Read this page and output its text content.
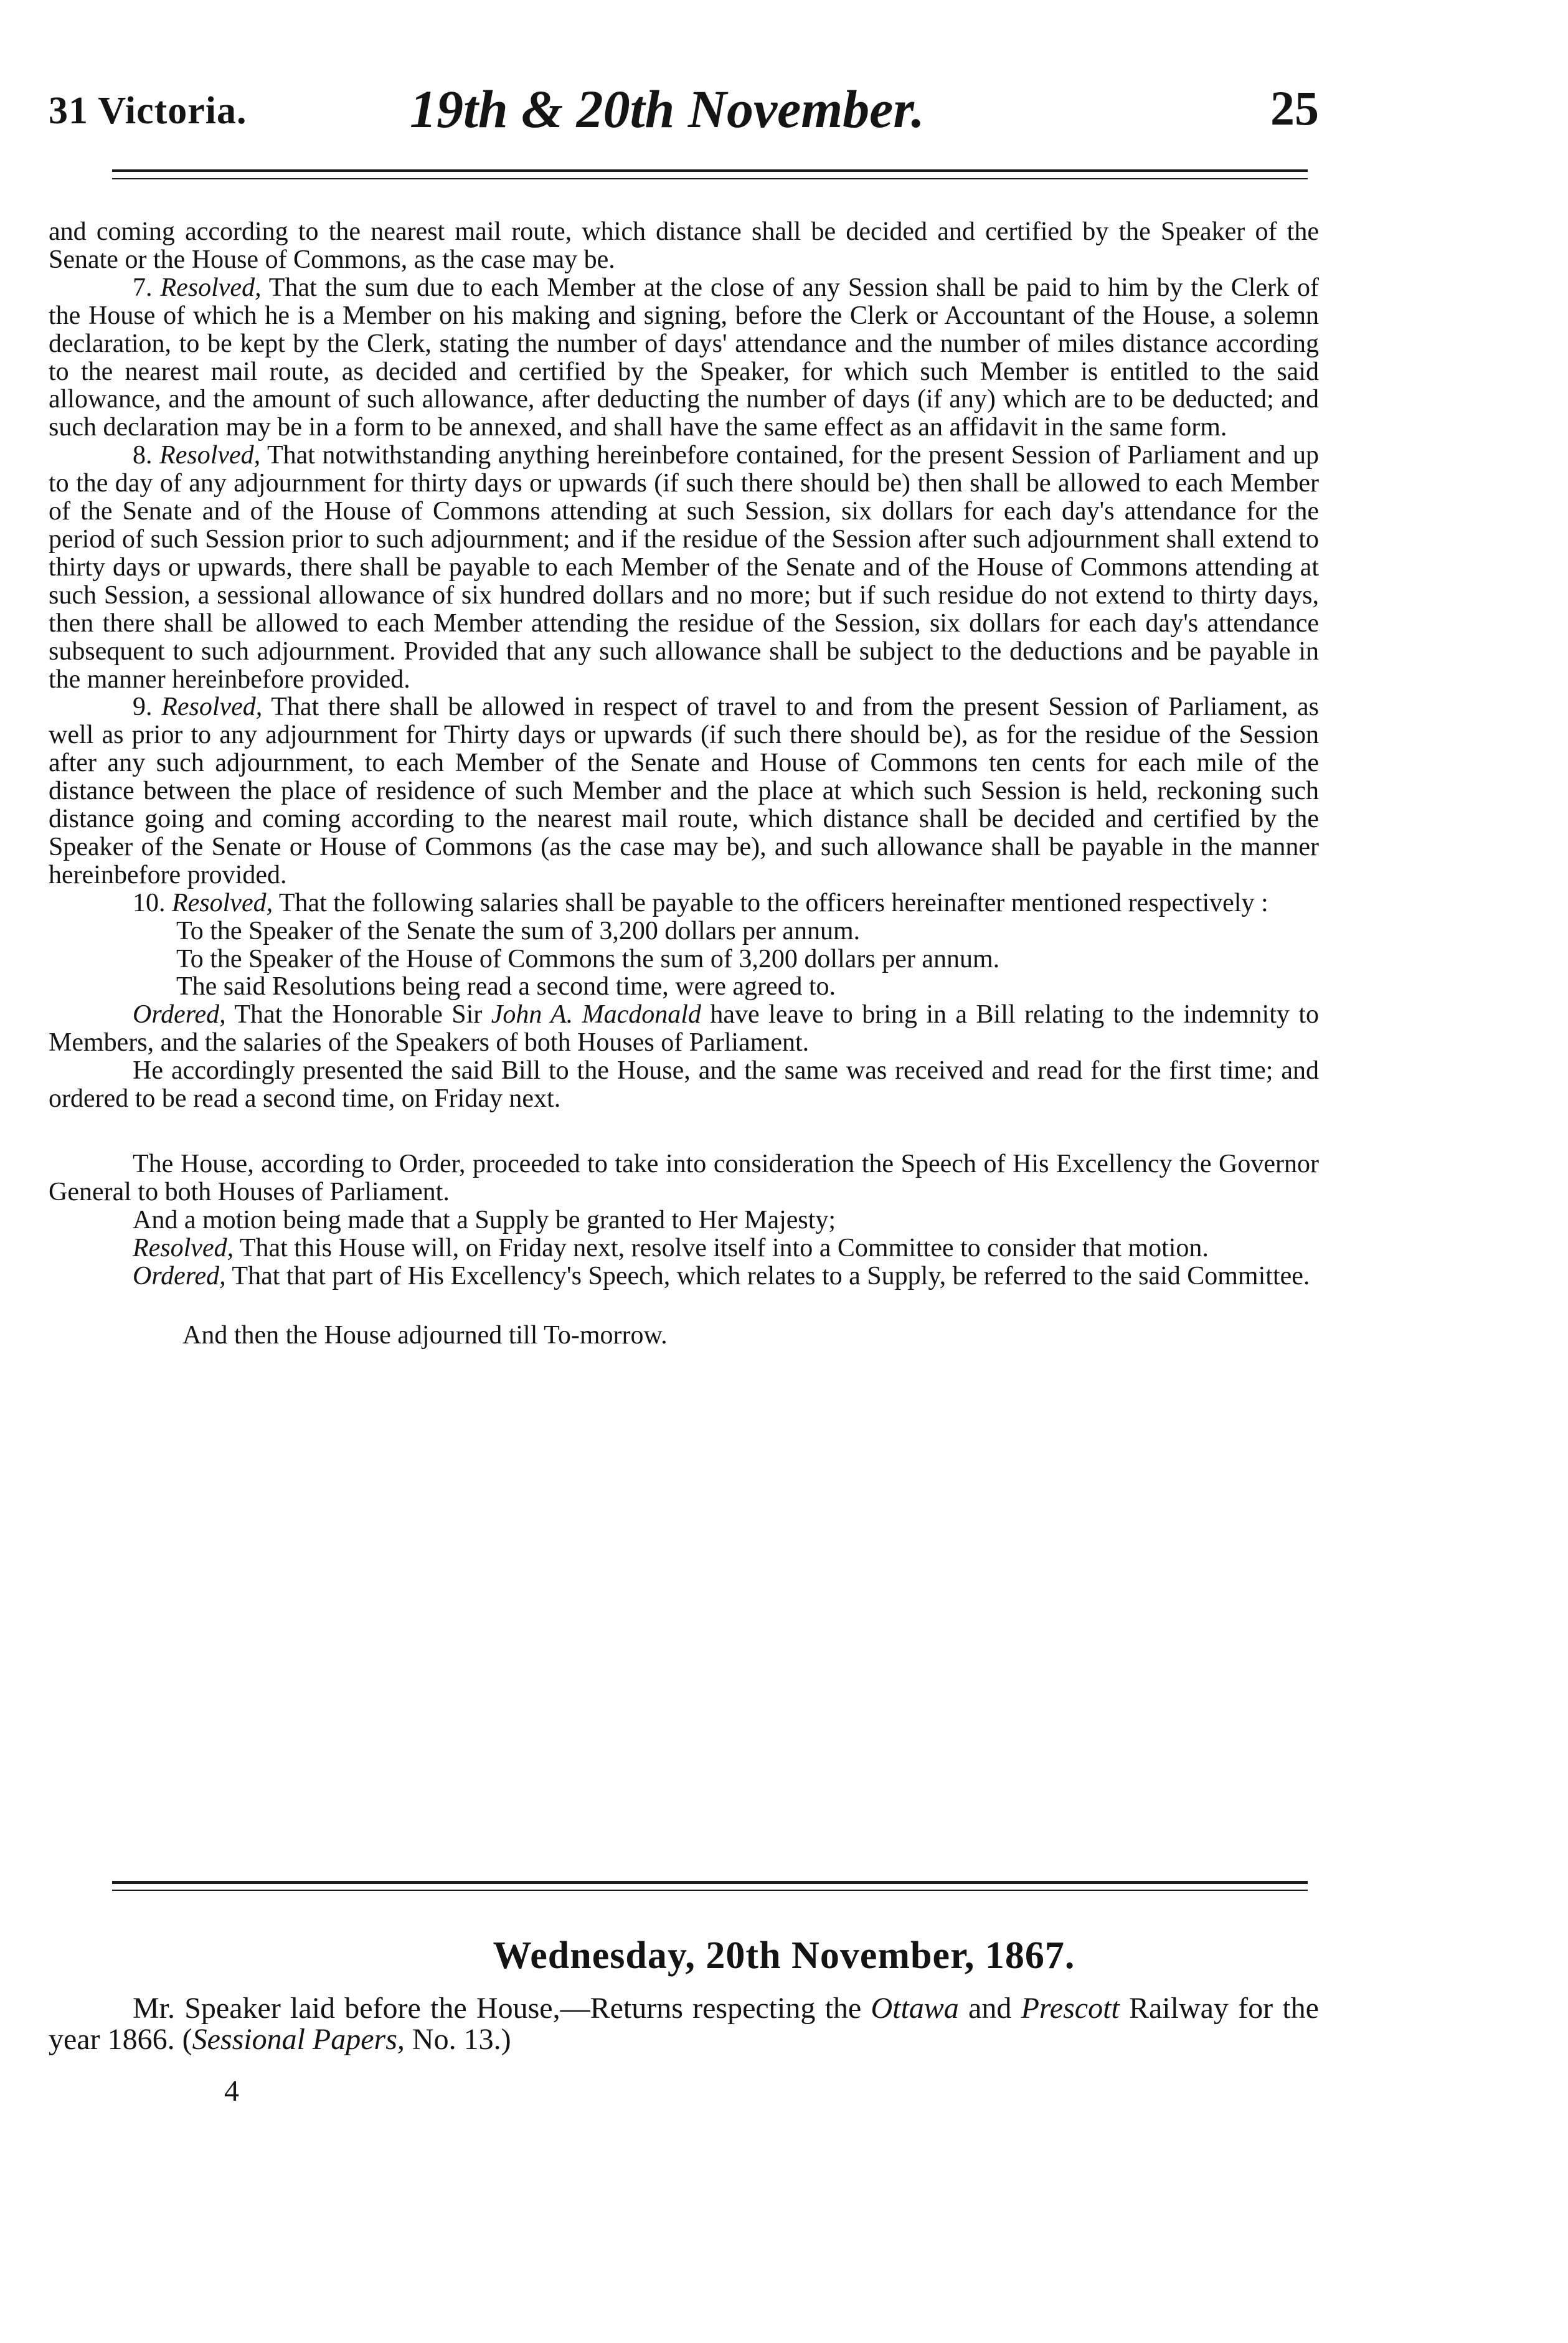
31 Victoria.	19th & 20th November.	25

and coming according to the nearest mail route, which distance shall be decided and certified by the Speaker of the Senate or the House of Commons, as the case may be.

7. Resolved, That the sum due to each Member at the close of any Session shall be paid to him by the Clerk of the House of which he is a Member on his making and signing, before the Clerk or Accountant of the House, a solemn declaration, to be kept by the Clerk, stating the number of days' attendance and the number of miles distance according to the nearest mail route, as decided and certified by the Speaker, for which such Member is entitled to the said allowance, and the amount of such allowance, after deducting the number of days (if any) which are to be deducted; and such declaration may be in a form to be annexed, and shall have the same effect as an affidavit in the same form.

8. Resolved, That notwithstanding anything hereinbefore contained, for the present Session of Parliament and up to the day of any adjournment for thirty days or upwards (if such there should be) then shall be allowed to each Member of the Senate and of the House of Commons attending at such Session, six dollars for each day's attendance for the period of such Session prior to such adjournment; and if the residue of the Session after such adjournment shall extend to thirty days or upwards, there shall be payable to each Member of the Senate and of the House of Commons attending at such Session, a sessional allowance of six hundred dollars and no more; but if such residue do not extend to thirty days, then there shall be allowed to each Member attending the residue of the Session, six dollars for each day's attendance subsequent to such adjournment. Provided that any such allowance shall be subject to the deductions and be payable in the manner hereinbefore provided.

9. Resolved, That there shall be allowed in respect of travel to and from the present Session of Parliament, as well as prior to any adjournment for Thirty days or upwards (if such there should be), as for the residue of the Session after any such adjournment, to each Member of the Senate and House of Commons ten cents for each mile of the distance between the place of residence of such Member and the place at which such Session is held, reckoning such distance going and coming according to the nearest mail route, which distance shall be decided and certified by the Speaker of the Senate or House of Commons (as the case may be), and such allowance shall be payable in the manner hereinbefore provided.

10. Resolved, That the following salaries shall be payable to the officers hereinafter mentioned respectively :

To the Speaker of the Senate the sum of 3,200 dollars per annum.

To the Speaker of the House of Commons the sum of 3,200 dollars per annum.

The said Resolutions being read a second time, were agreed to.

Ordered, That the Honorable Sir John A. Macdonald have leave to bring in a Bill relating to the indemnity to Members, and the salaries of the Speakers of both Houses of Parliament.

He accordingly presented the said Bill to the House, and the same was received and read for the first time; and ordered to be read a second time, on Friday next.

The House, according to Order, proceeded to take into consideration the Speech of His Excellency the Governor General to both Houses of Parliament.

And a motion being made that a Supply be granted to Her Majesty;

Resolved, That this House will, on Friday next, resolve itself into a Committee to consider that motion.

Ordered, That that part of His Excellency's Speech, which relates to a Supply, be referred to the said Committee.

And then the House adjourned till To-morrow.

Wednesday, 20th November, 1867.

Mr. Speaker laid before the House,—Returns respecting the Ottawa and Prescott Railway for the year 1866. (Sessional Papers, No. 13.)

4
